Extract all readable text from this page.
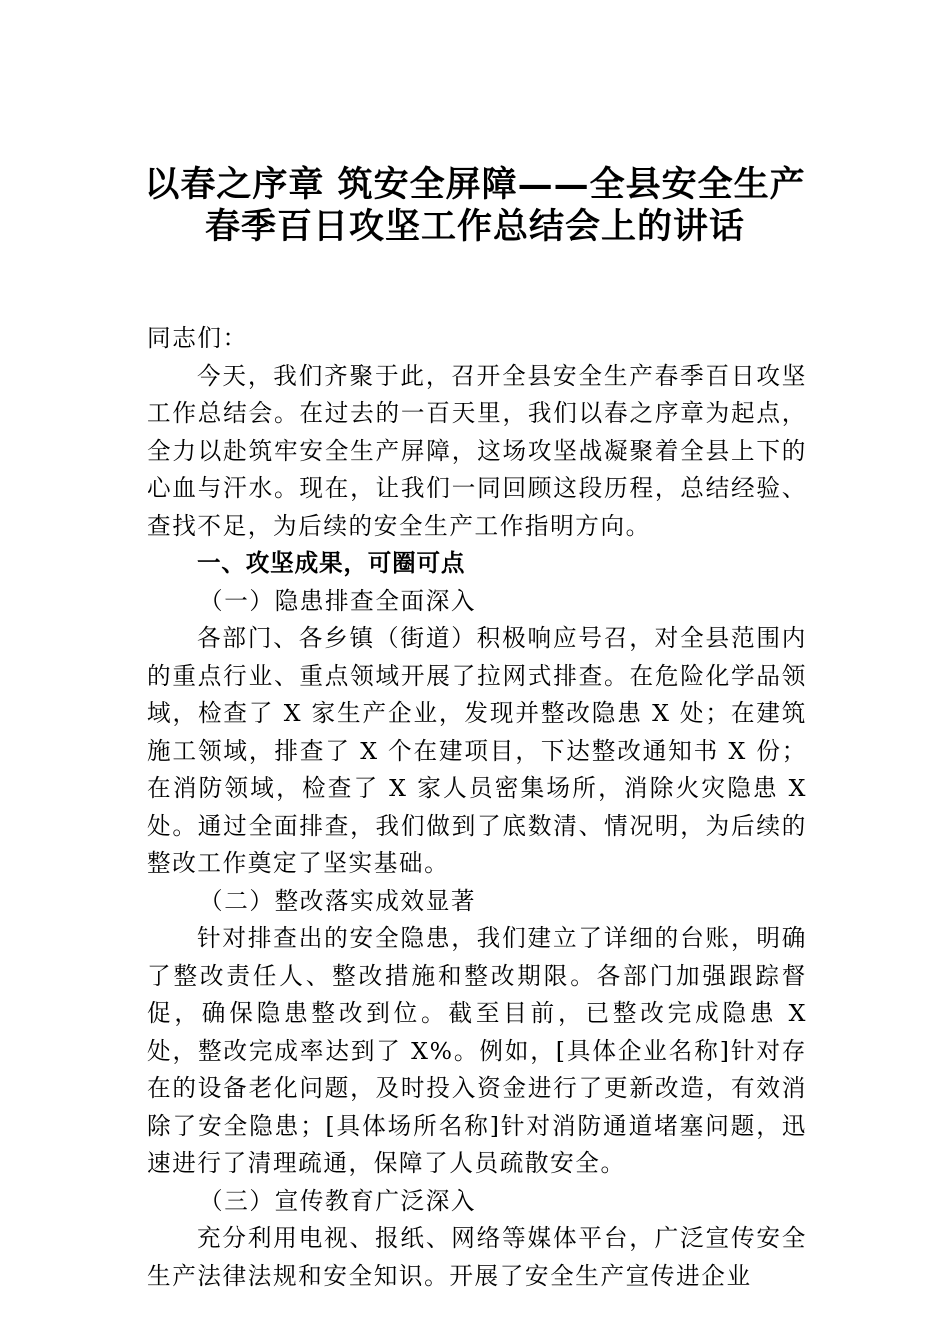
以春之序章 筑安全屏障——全县安全生产
春季百日攻坚工作总结会上的讲话

同志们：

今天，我们齐聚于此，召开全县安全生产春季百日攻坚工作总结会。在过去的一百天里，我们以春之序章为起点，全力以赴筑牢安全生产屏障，这场攻坚战凝聚着全县上下的心血与汗水。现在，让我们一同回顾这段历程，总结经验、查找不足，为后续的安全生产工作指明方向。

一、攻坚成果，可圈可点

（一）隐患排查全面深入

各部门、各乡镇（街道）积极响应号召，对全县范围内的重点行业、重点领域开展了拉网式排查。在危险化学品领域，检查了 X 家生产企业，发现并整改隐患 X 处；在建筑施工领域，排查了 X 个在建项目，下达整改通知书 X 份；在消防领域，检查了 X 家人员密集场所，消除火灾隐患 X 处。通过全面排查，我们做到了底数清、情况明，为后续的整改工作奠定了坚实基础。

（二）整改落实成效显著

针对排查出的安全隐患，我们建立了详细的台账，明确了整改责任人、整改措施和整改期限。各部门加强跟踪督促，确保隐患整改到位。截至目前，已整改完成隐患 X 处，整改完成率达到了 X%。例如，[具体企业名称]针对存在的设备老化问题，及时投入资金进行了更新改造，有效消除了安全隐患；[具体场所名称]针对消防通道堵塞问题，迅速进行了清理疏通，保障了人员疏散安全。

（三）宣传教育广泛深入

充分利用电视、报纸、网络等媒体平台，广泛宣传安全生产法律法规和安全知识。开展了安全生产宣传进企业
